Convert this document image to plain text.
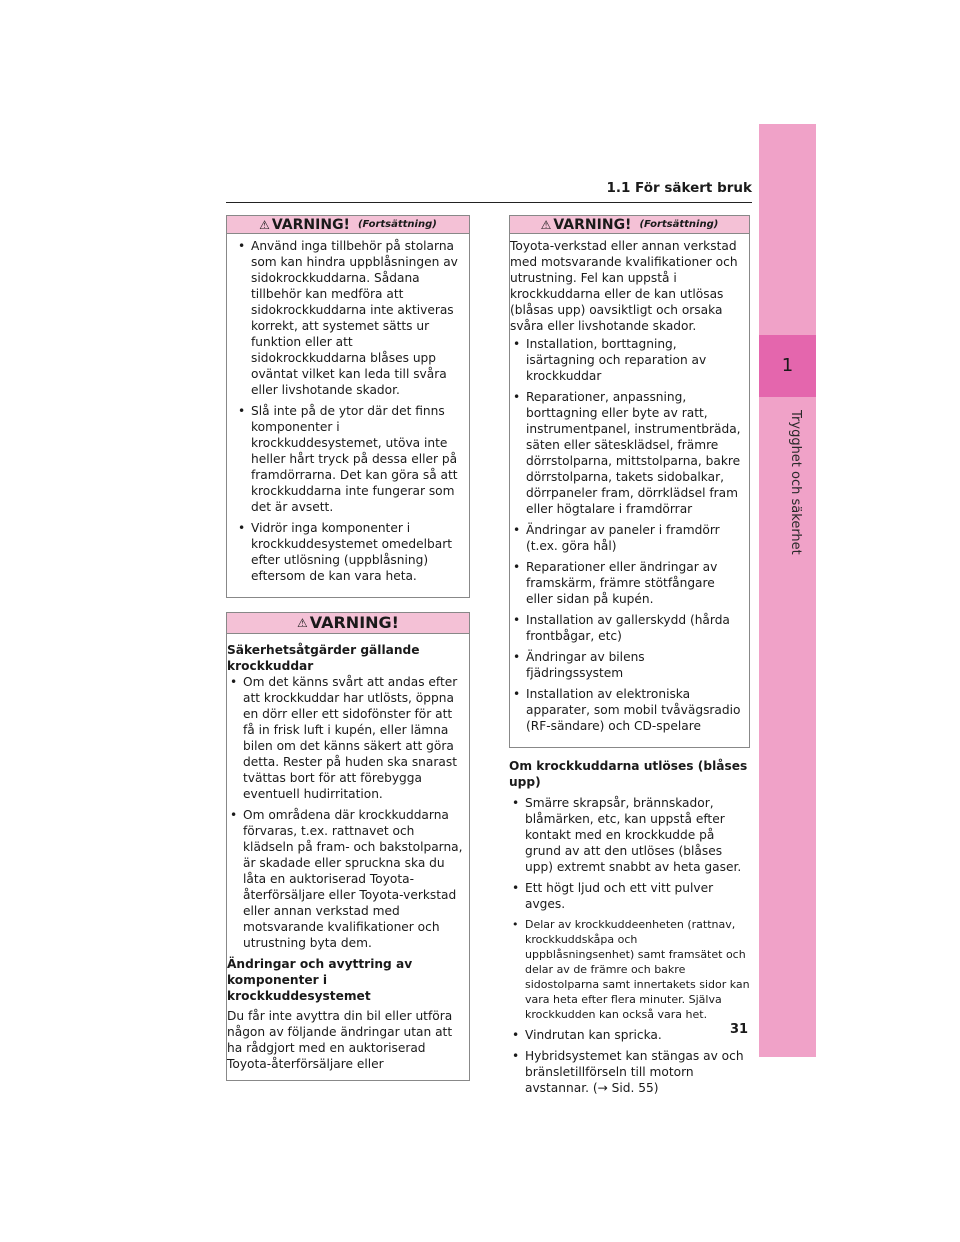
1
Trygghet och säkerhet
1.1 För säkert bruk
⚠ VARNING! (Fortsättning)
• Använd inga tillbehör på stolarna som kan hindra uppblåsningen av sidokrockkuddarna. Sådana tillbehör kan medföra att sidokrockkuddarna inte aktiveras korrekt, att systemet sätts ur funktion eller att sidokrockkuddarna blåses upp oväntat vilket kan leda till svåra eller livshotande skador.
• Slå inte på de ytor där det finns komponenter i krockkuddesystemet, utöva inte heller hårt tryck på dessa eller på framdörrarna. Det kan göra så att krockkuddarna inte fungerar som det är avsett.
• Vidrör inga komponenter i krockkuddesystemet omedelbart efter utlösning (uppblåsning) eftersom de kan vara heta.
⚠ VARNING!

Säkerhetsåtgärder gällande krockkuddar

• Om det känns svårt att andas efter att krockkuddar har utlösts, öppna en dörr eller ett sidofönster för att få in frisk luft i kupén, eller lämna bilen om det känns säkert att göra detta. Rester på huden ska snarast tvättas bort för att förebygga eventuell hudirritation.
• Om områdena där krockkuddarna förvaras, t.ex. rattnavet och klädseln på fram- och bakstolparna, är skadade eller spruckna ska du låta en auktoriserad Toyota-återförsäljare eller Toyota-verkstad eller annan verkstad med motsvarande kvalifikationer och utrustning byta dem.

Ändringar och avyttring av komponenter i krockkuddesystemet

Du får inte avyttra din bil eller utföra någon av följande ändringar utan att ha rådgjort med en auktoriserad Toyota-återförsäljare eller

⚠ VARNING! (Fortsättning)

Toyota-verkstad eller annan verkstad med motsvarande kvalifikationer och utrustning. Fel kan uppstå i krockkuddarna eller de kan utlösas (blåsas upp) oavsiktligt och orsaka svåra eller livshotande skador.

• Installation, borttagning, isärtagning och reparation av krockkuddar
• Reparationer, anpassning, borttagning eller byte av ratt, instrumentpanel, instrumentbräda, säten eller sätesklädsel, främre dörrstolparna, mittstolparna, bakre dörrstolparna, takets sidobalkar, dörrpaneler fram, dörrklädsel fram eller högtalare i framdörrar
• Ändringar av paneler i framdörr (t.ex. göra hål)
• Reparationer eller ändringar av framskärm, främre stötfångare eller sidan på kupén.
• Installation av gallerskydd (hårda frontbågar, etc)
• Ändringar av bilens fjädringssystem
• Installation av elektroniska apparater, som mobil tvåvägsradio (RF-sändare) och CD-spelare

Om krockkuddarna utlöses (blåses upp)

• Smärre skrapsår, brännskador, blåmärken, etc, kan uppstå efter kontakt med en krockkudde på grund av att den utlöses (blåses upp) extremt snabbt av heta gaser.
• Ett högt ljud och ett vitt pulver avges.
• Delar av krockkuddeenheten (rattnav, krockkuddskåpa och uppblåsningsenhet) samt framsätet och delar av de främre och bakre sidostolparna samt innertakets sidor kan vara heta efter flera minuter. Själva krockkudden kan också vara het.
• Vindrutan kan spricka.
• Hybridsystemet kan stängas av och bränsletillförseln till motorn avstannar. (→ Sid. 55)
31
